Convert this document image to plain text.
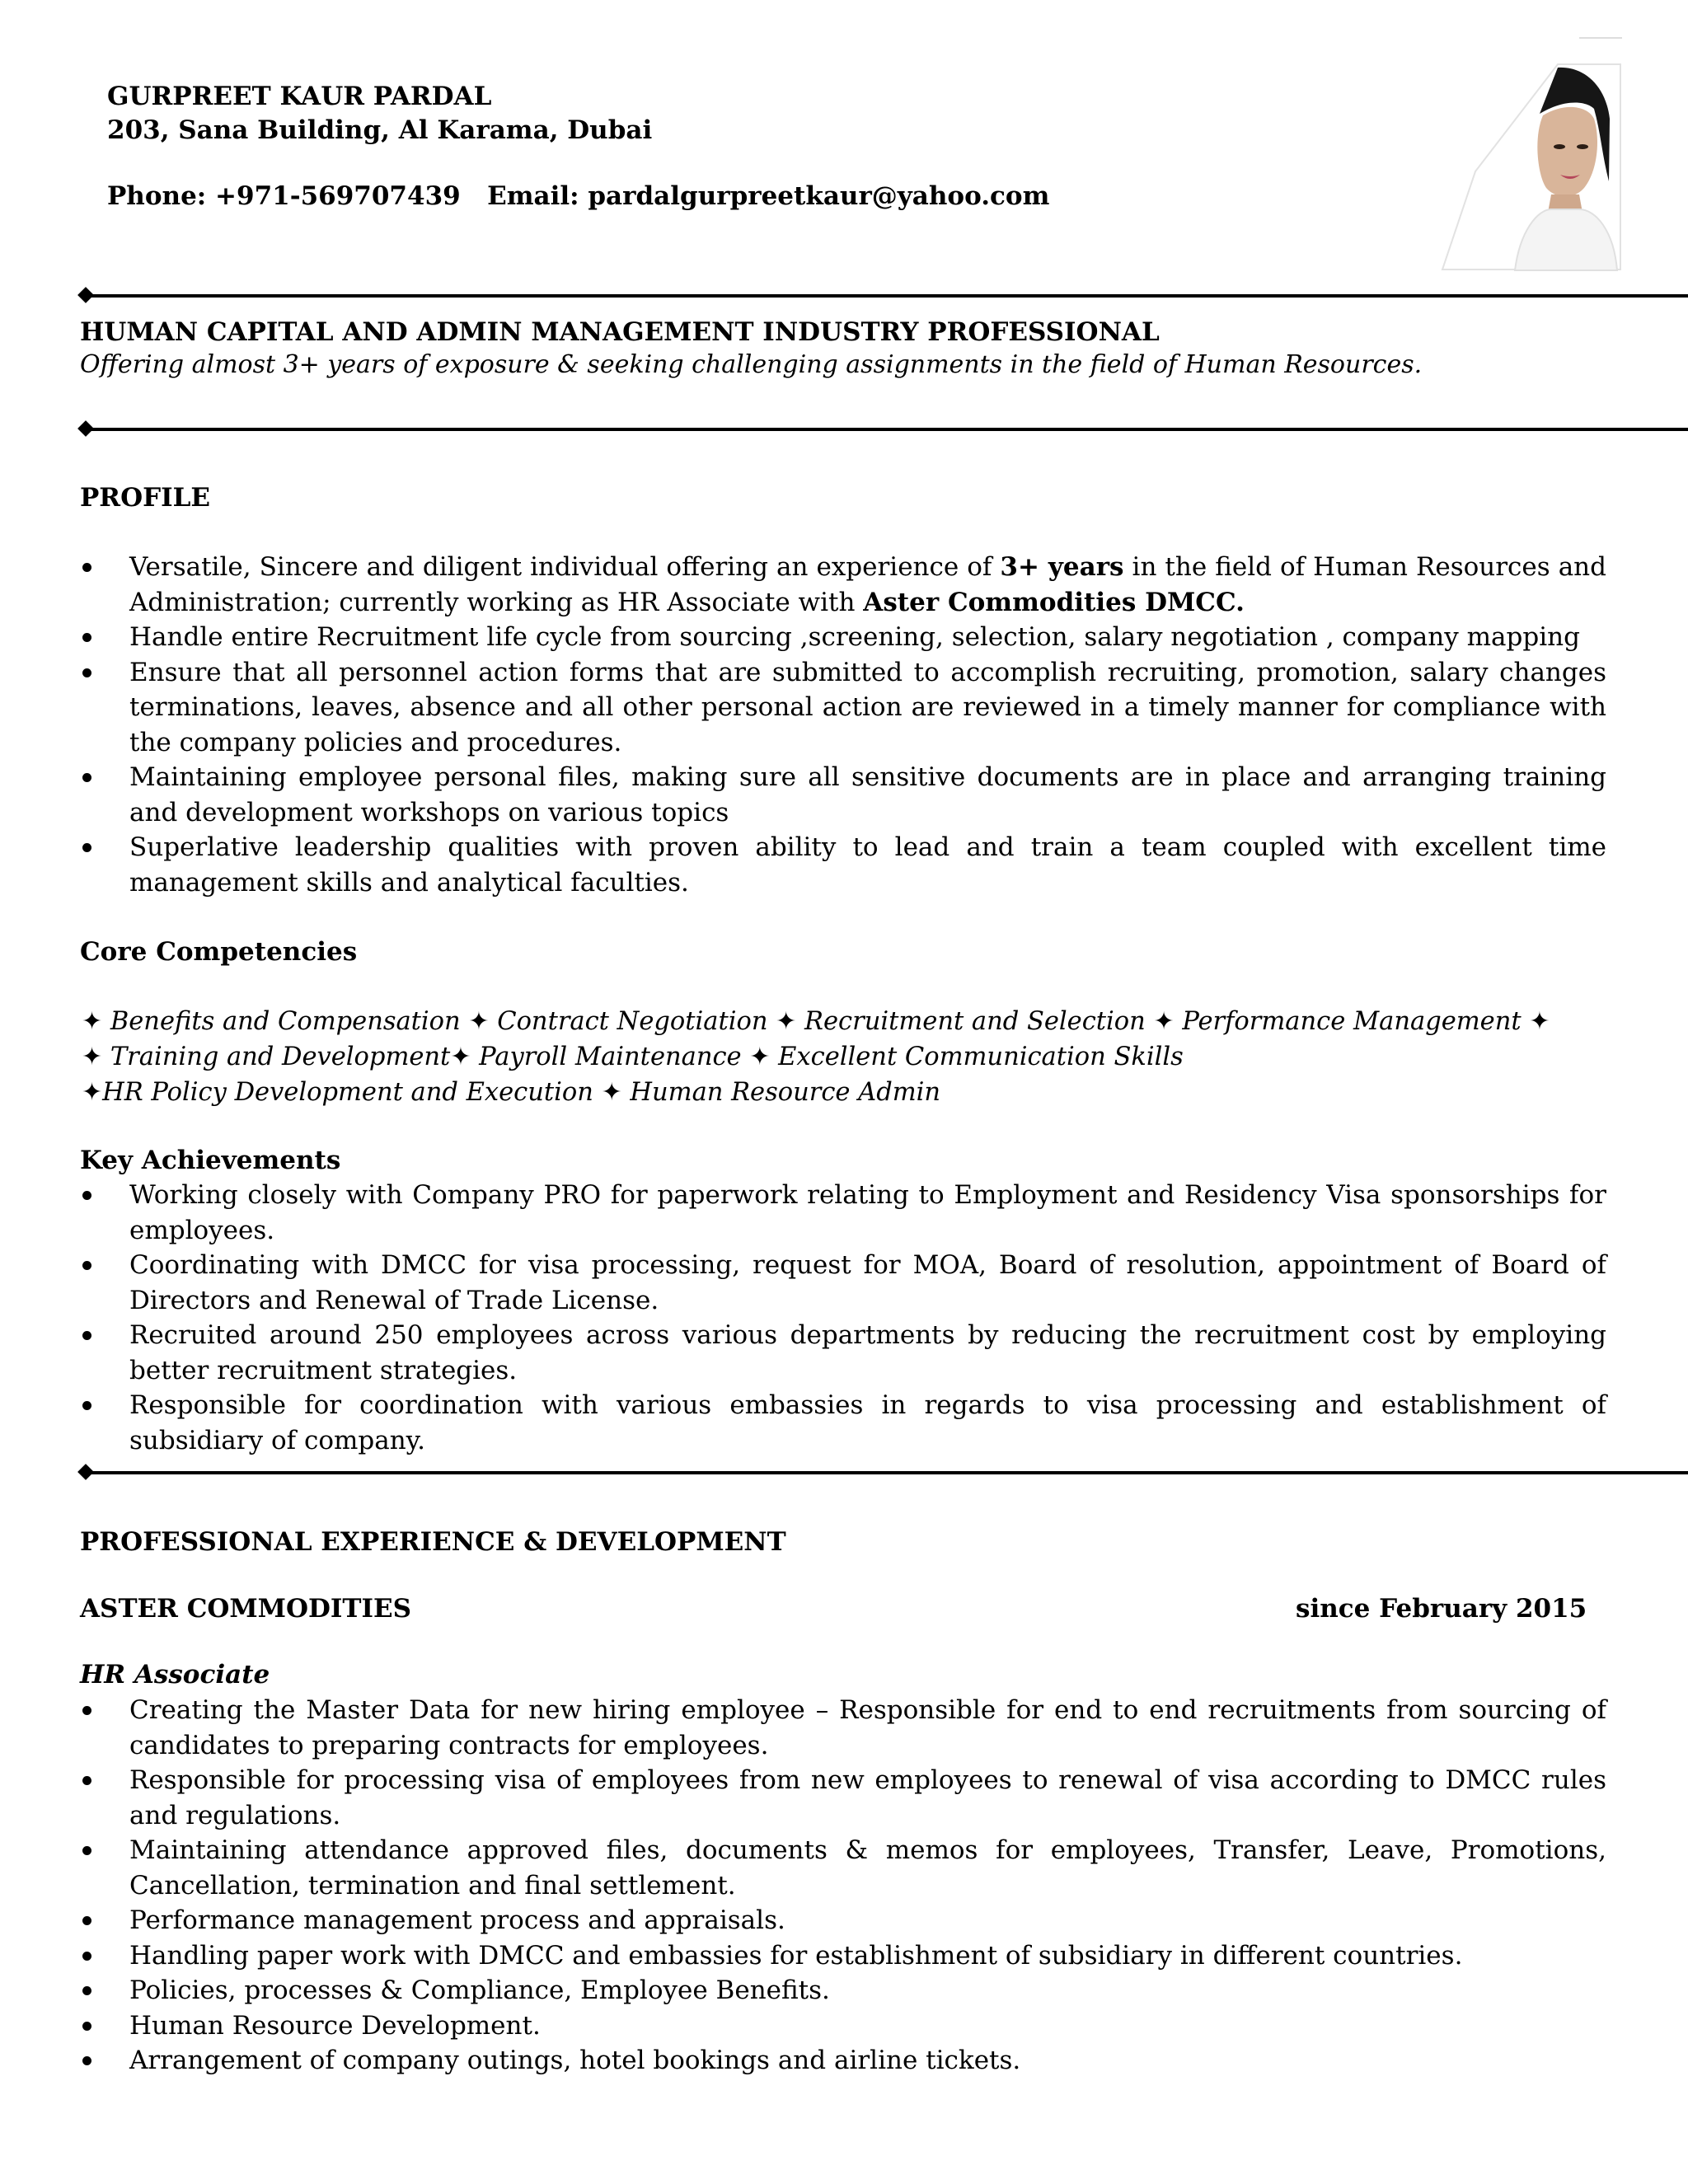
GURPREET KAUR PARDAL
203, Sana Building, Al Karama, Dubai
Phone: +971-569707439   Email: pardalgurpreetkaur@yahoo.com
HUMAN CAPITAL AND ADMIN MANAGEMENT INDUSTRY PROFESSIONAL
Offering almost 3+ years of exposure & seeking challenging assignments in the field of Human Resources.
PROFILE
Versatile, Sincere and diligent individual offering an experience of 3+ years in the field of Human Resources and Administration; currently working as HR Associate with Aster Commodities DMCC.
Handle entire Recruitment life cycle from sourcing ,screening, selection, salary negotiation , company mapping
Ensure that all personnel action forms that are submitted to accomplish recruiting, promotion, salary changes terminations, leaves, absence and all other personal action are reviewed in a timely manner for compliance with the company policies and procedures.
Maintaining employee personal files, making sure all sensitive documents are in place and arranging training and development workshops on various topics
Superlative leadership qualities with proven ability to lead and train a team coupled with excellent time management skills and analytical faculties.
Core Competencies
✦ Benefits and Compensation ✦ Contract Negotiation ✦ Recruitment and Selection ✦ Performance Management ✦
✦ Training and Development✦ Payroll Maintenance ✦ Excellent Communication Skills
✦HR Policy Development and Execution ✦ Human Resource Admin
Key Achievements
Working closely with Company PRO for paperwork relating to Employment and Residency Visa sponsorships for employees.
Coordinating with DMCC for visa processing, request for MOA, Board of resolution, appointment of Board of Directors and Renewal of Trade License.
Recruited around 250 employees across various departments by reducing the recruitment cost by employing better recruitment strategies.
Responsible for coordination with various embassies in regards to visa processing and establishment of subsidiary of company.
PROFESSIONAL EXPERIENCE & DEVELOPMENT
ASTER COMMODITIES	since February 2015
HR Associate
Creating the Master Data for new hiring employee – Responsible for end to end recruitments from sourcing of candidates to preparing contracts for employees.
Responsible for processing visa of employees from new employees to renewal of visa according to DMCC rules and regulations.
Maintaining attendance approved files, documents & memos for employees, Transfer, Leave, Promotions, Cancellation, termination and final settlement.
Performance management process and appraisals.
Handling paper work with DMCC and embassies for establishment of subsidiary in different countries.
Policies, processes & Compliance, Employee Benefits.
Human Resource Development.
Arrangement of company outings, hotel bookings and airline tickets.
